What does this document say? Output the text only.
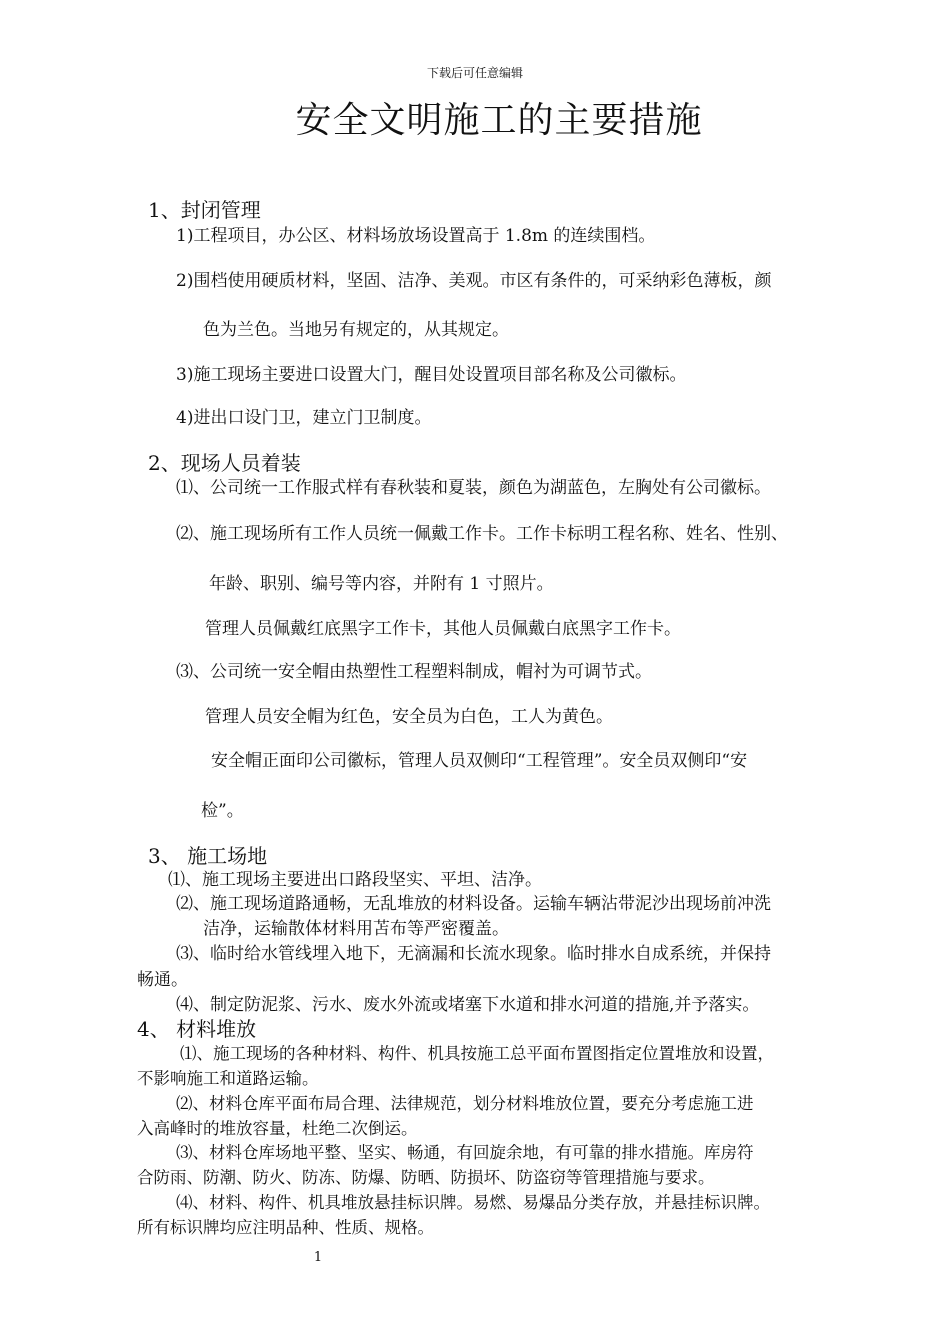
下载后可任意编辑
安全文明施工的主要措施
1、封闭管理
1)工程项目，办公区、材料场放场设置高于 1.8m 的连续围档。
2)围档使用硬质材料，坚固、洁净、美观。市区有条件的，可采纳彩色薄板，颜
色为兰色。当地另有规定的，从其规定。
3)施工现场主要进口设置大门，醒目处设置项目部名称及公司徽标。
4)进出口设门卫，建立门卫制度。
2、现场人员着装
⑴、公司统一工作服式样有春秋装和夏装，颜色为湖蓝色，左胸处有公司徽标。
⑵、施工现场所有工作人员统一佩戴工作卡。工作卡标明工程名称、姓名、性别、
年龄、职别、编号等内容，并附有 1 寸照片。
管理人员佩戴红底黑字工作卡，其他人员佩戴白底黑字工作卡。
⑶、公司统一安全帽由热塑性工程塑料制成，帽衬为可调节式。
管理人员安全帽为红色，安全员为白色，工人为黄色。
安全帽正面印公司徽标，管理人员双侧印“工程管理”。安全员双侧印“安
检”。
3、 施工场地
⑴、施工现场主要进出口路段坚实、平坦、洁净。
⑵、施工现场道路通畅，无乱堆放的材料设备。运输车辆沾带泥沙出现场前冲洗
洁净，运输散体材料用苫布等严密覆盖。
⑶、临时给水管线埋入地下，无滴漏和长流水现象。临时排水自成系统，并保持
畅通。
⑷、制定防泥浆、污水、废水外流或堵塞下水道和排水河道的措施,并予落实。
4、 材料堆放
⑴、施工现场的各种材料、构件、机具按施工总平面布置图指定位置堆放和设置，
不影响施工和道路运输。
⑵、材料仓库平面布局合理、法律规范，划分材料堆放位置，要充分考虑施工进
入高峰时的堆放容量，杜绝二次倒运。
⑶、材料仓库场地平整、坚实、畅通，有回旋余地，有可靠的排水措施。库房符
合防雨、防潮、防火、防冻、防爆、防晒、防损坏、防盗窃等管理措施与要求。
⑷、材料、构件、机具堆放悬挂标识牌。易燃、易爆品分类存放，并悬挂标识牌。
所有标识牌均应注明品种、性质、规格。
1
